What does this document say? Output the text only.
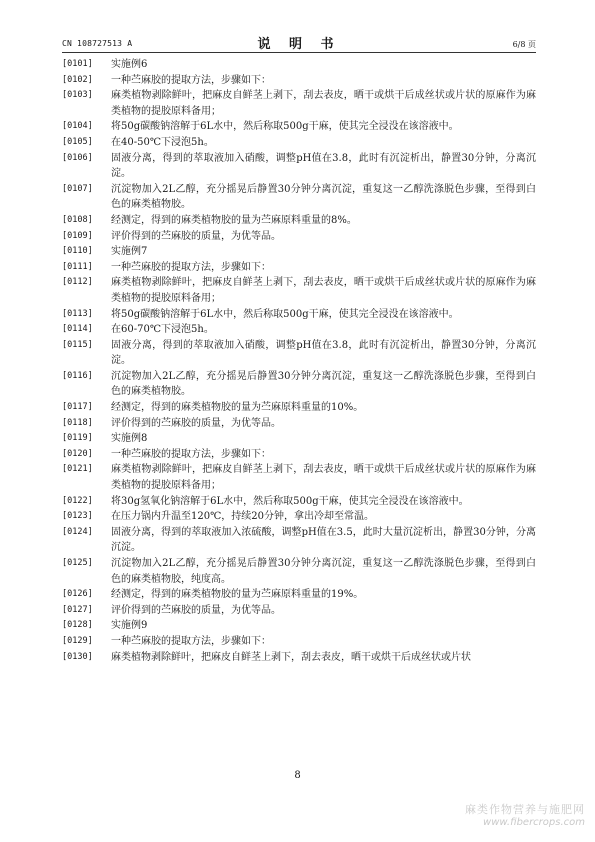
CN 108727513 A	说 明 书	6/8 页
[0101]	实施例6
[0102]	一种苎麻胶的提取方法，步骤如下：
[0103]	麻类植物剥除鲜叶，把麻皮自鲜茎上剥下，刮去表皮，晒干或烘干后成丝状或片状的原麻作为麻类植物的提胶原料备用；
[0104]	将50g碳酸钠溶解于6L水中，然后称取500g干麻，使其完全浸没在该溶液中。
[0105]	在40-50℃下浸泡5h。
[0106]	固液分离，得到的萃取液加入硝酸，调整pH值在3.8，此时有沉淀析出，静置30分钟，分离沉淀。
[0107]	沉淀物加入2L乙醇，充分摇晃后静置30分钟分离沉淀，重复这一乙醇洗涤脱色步骤，至得到白色的麻类植物胶。
[0108]	经测定，得到的麻类植物胶的量为苎麻原料重量的8%。
[0109]	评价得到的苎麻胶的质量，为优等品。
[0110]	实施例7
[0111]	一种苎麻胶的提取方法，步骤如下：
[0112]	麻类植物剥除鲜叶，把麻皮自鲜茎上剥下，刮去表皮，晒干或烘干后成丝状或片状的原麻作为麻类植物的提胶原料备用；
[0113]	将50g碳酸钠溶解于6L水中，然后称取500g干麻，使其完全浸没在该溶液中。
[0114]	在60-70℃下浸泡5h。
[0115]	固液分离，得到的萃取液加入硝酸，调整pH值在3.8，此时有沉淀析出，静置30分钟，分离沉淀。
[0116]	沉淀物加入2L乙醇，充分摇晃后静置30分钟分离沉淀，重复这一乙醇洗涤脱色步骤，至得到白色的麻类植物胶。
[0117]	经测定，得到的麻类植物胶的量为苎麻原料重量的10%。
[0118]	评价得到的苎麻胶的质量，为优等品。
[0119]	实施例8
[0120]	一种苎麻胶的提取方法，步骤如下：
[0121]	麻类植物剥除鲜叶，把麻皮自鲜茎上剥下，刮去表皮，晒干或烘干后成丝状或片状的原麻作为麻类植物的提胶原料备用；
[0122]	将30g氢氧化钠溶解于6L水中，然后称取500g干麻，使其完全浸没在该溶液中。
[0123]	在压力锅内升温至120℃，持续20分钟，拿出冷却至常温。
[0124]	固液分离，得到的萃取液加入浓硫酸，调整pH值在3.5，此时大量沉淀析出，静置30分钟，分离沉淀。
[0125]	沉淀物加入2L乙醇，充分摇晃后静置30分钟分离沉淀，重复这一乙醇洗涤脱色步骤，至得到白色的麻类植物胶，纯度高。
[0126]	经测定，得到的麻类植物胶的量为苎麻原料重量的19%。
[0127]	评价得到的苎麻胶的质量，为优等品。
[0128]	实施例9
[0129]	一种苎麻胶的提取方法，步骤如下：
[0130]	麻类植物剥除鲜叶，把麻皮自鲜茎上剥下，刮去表皮，晒干或烘干后成丝状或片状
8
麻类作物营养与施肥网
www.fibercrops.com
